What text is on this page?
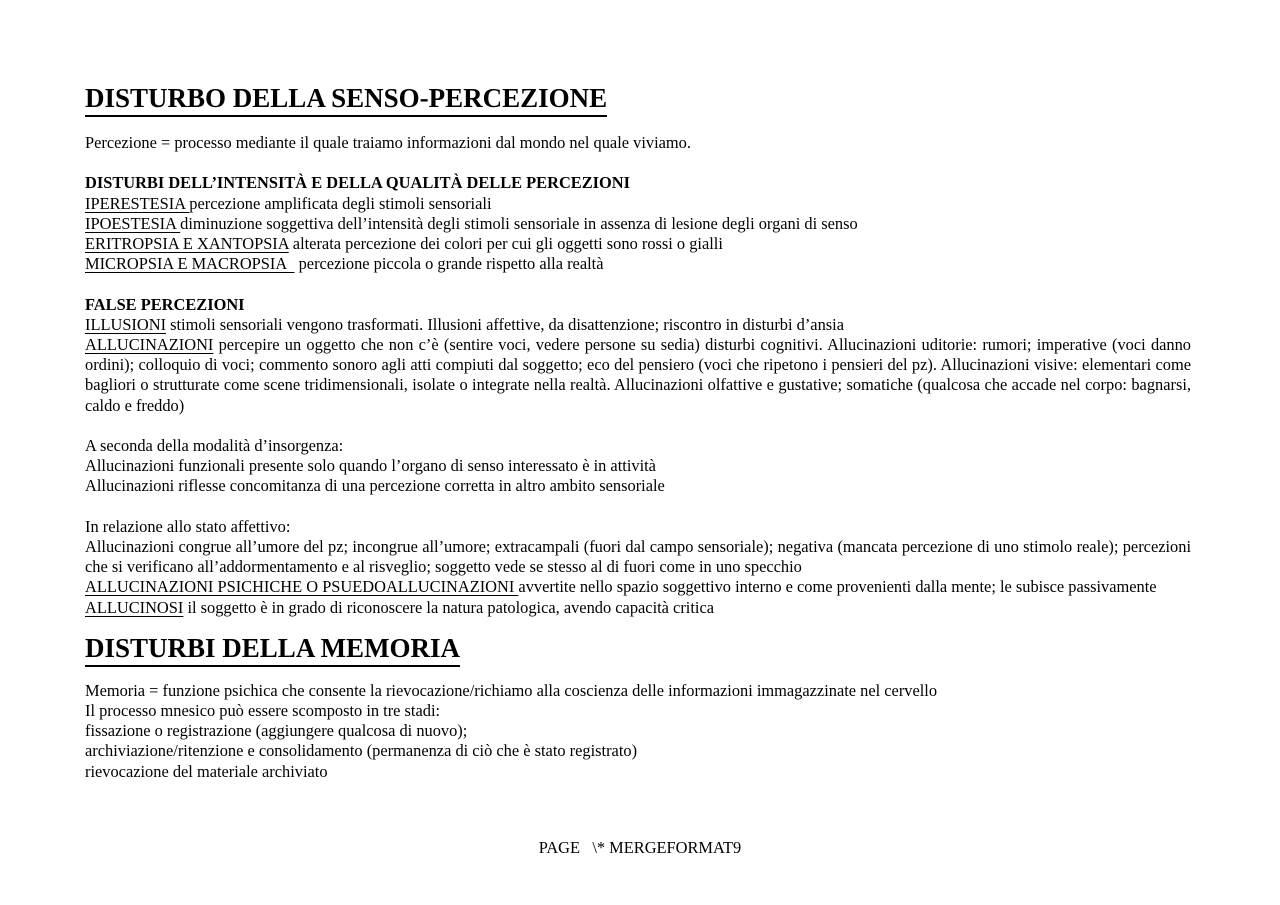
DISTURBO DELLA SENSO-PERCEZIONE

Percezione = processo mediante il quale traiamo informazioni dal mondo nel quale viviamo.

DISTURBI DELL’INTENSITÀ E DELLA QUALITÀ DELLE PERCEZIONI

IPERESTESIA percezione amplificata degli stimoli sensoriali

IPOESTESIA diminuzione soggettiva dell’intensità degli stimoli sensoriale in assenza di lesione degli organi di senso

ERITROPSIA E XANTOPSIA alterata percezione dei colori per cui gli oggetti sono rossi o gialli

MICROPSIA E MACROPSIA   percezione piccola o grande rispetto alla realtà

FALSE PERCEZIONI

ILLUSIONI stimoli sensoriali vengono trasformati. Illusioni affettive, da disattenzione; riscontro in disturbi d’ansia

ALLUCINAZIONI percepire un oggetto che non c’è (sentire voci, vedere persone su sedia) disturbi cognitivi. Allucinazioni uditorie: rumori; imperative (voci danno ordini); colloquio di voci; commento sonoro agli atti compiuti dal soggetto; eco del pensiero (voci che ripetono i pensieri del pz). Allucinazioni visive: elementari come bagliori o strutturate come scene tridimensionali, isolate o integrate nella realtà. Allucinazioni olfattive e gustative; somatiche (qualcosa che accade nel corpo: bagnarsi, caldo e freddo)

A seconda della modalità d’insorgenza:

Allucinazioni funzionali presente solo quando l’organo di senso interessato è in attività

Allucinazioni riflesse concomitanza di una percezione corretta in altro ambito sensoriale

In relazione allo stato affettivo:

Allucinazioni congrue all’umore del pz; incongrue all’umore; extracampali (fuori dal campo sensoriale); negativa (mancata percezione di uno stimolo reale); percezioni che si verificano all’addormentamento e al risveglio; soggetto vede se stesso al di fuori come in uno specchio

ALLUCINAZIONI PSICHICHE O PSUEDOALLUCINAZIONI avvertite nello spazio soggettivo interno e come provenienti dalla mente; le subisce passivamente

ALLUCINOSI il soggetto è in grado di riconoscere la natura patologica, avendo capacità critica

DISTURBI DELLA MEMORIA

Memoria = funzione psichica che consente la rievocazione/richiamo alla coscienza delle informazioni immagazzinate nel cervello

Il processo mnesico può essere scomposto in tre stadi:

fissazione o registrazione (aggiungere qualcosa di nuovo);

archiviazione/ritenzione e consolidamento (permanenza di ciò che è stato registrato)

rievocazione del materiale archiviato

PAGE \* MERGEFORMAT9
